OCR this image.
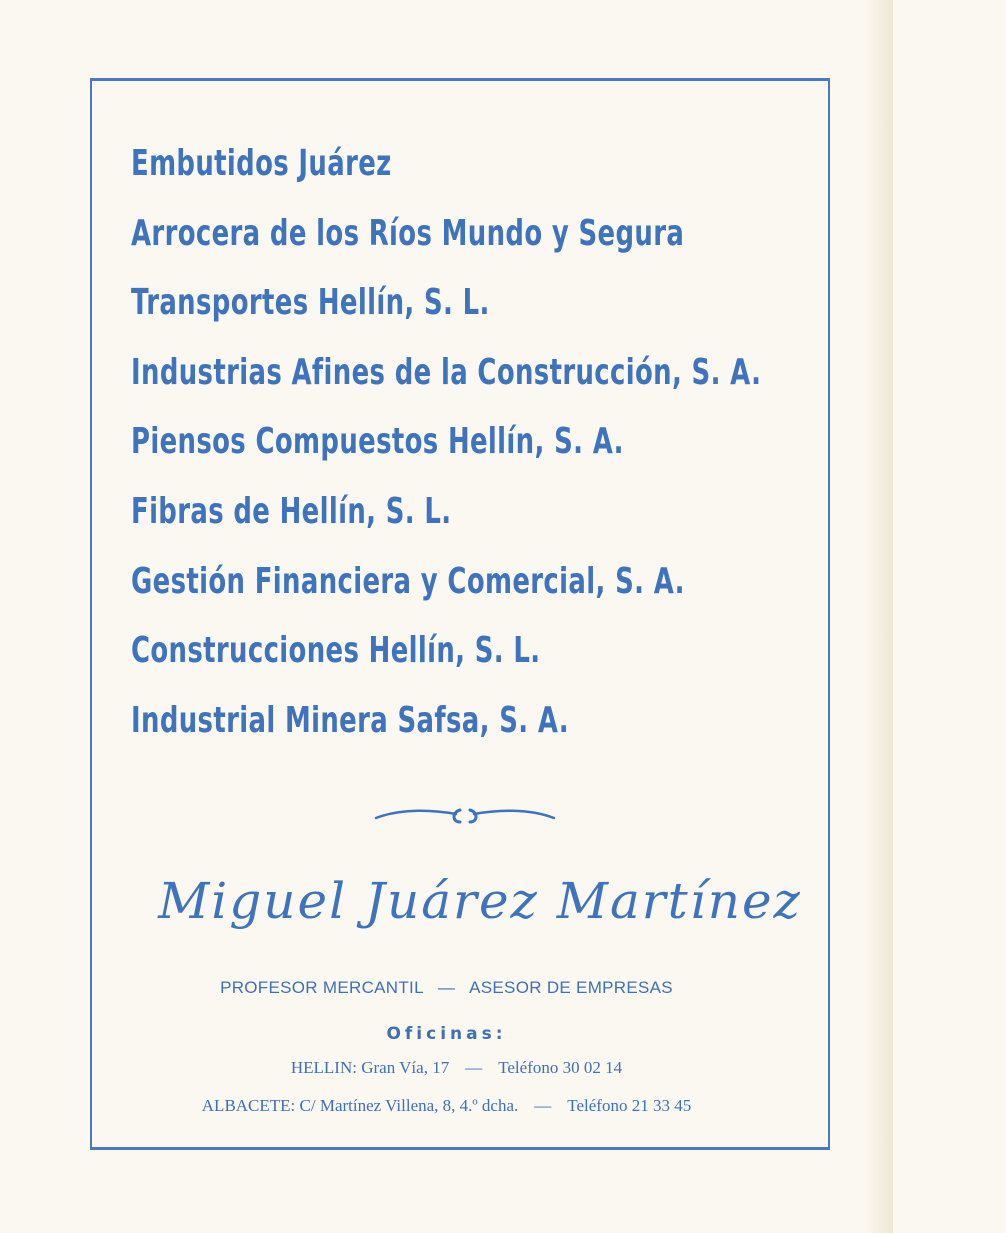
Embutidos Juárez
Arrocera de los Ríos Mundo y Segura
Transportes Hellín, S. L.
Industrias Afines de la Construcción, S. A.
Piensos Compuestos Hellín, S. A.
Fibras de Hellín, S. L.
Gestión Financiera y Comercial, S. A.
Construcciones Hellín, S. L.
Industrial Minera Safsa, S. A.
Miguel Juárez Martínez
PROFESOR MERCANTIL — ASESOR DE EMPRESAS
Oficinas:
HELLIN: Gran Vía, 17 — Teléfono 30 02 14
ALBACETE: C/ Martínez Villena, 8, 4.º dcha. — Teléfono 21 33 45
